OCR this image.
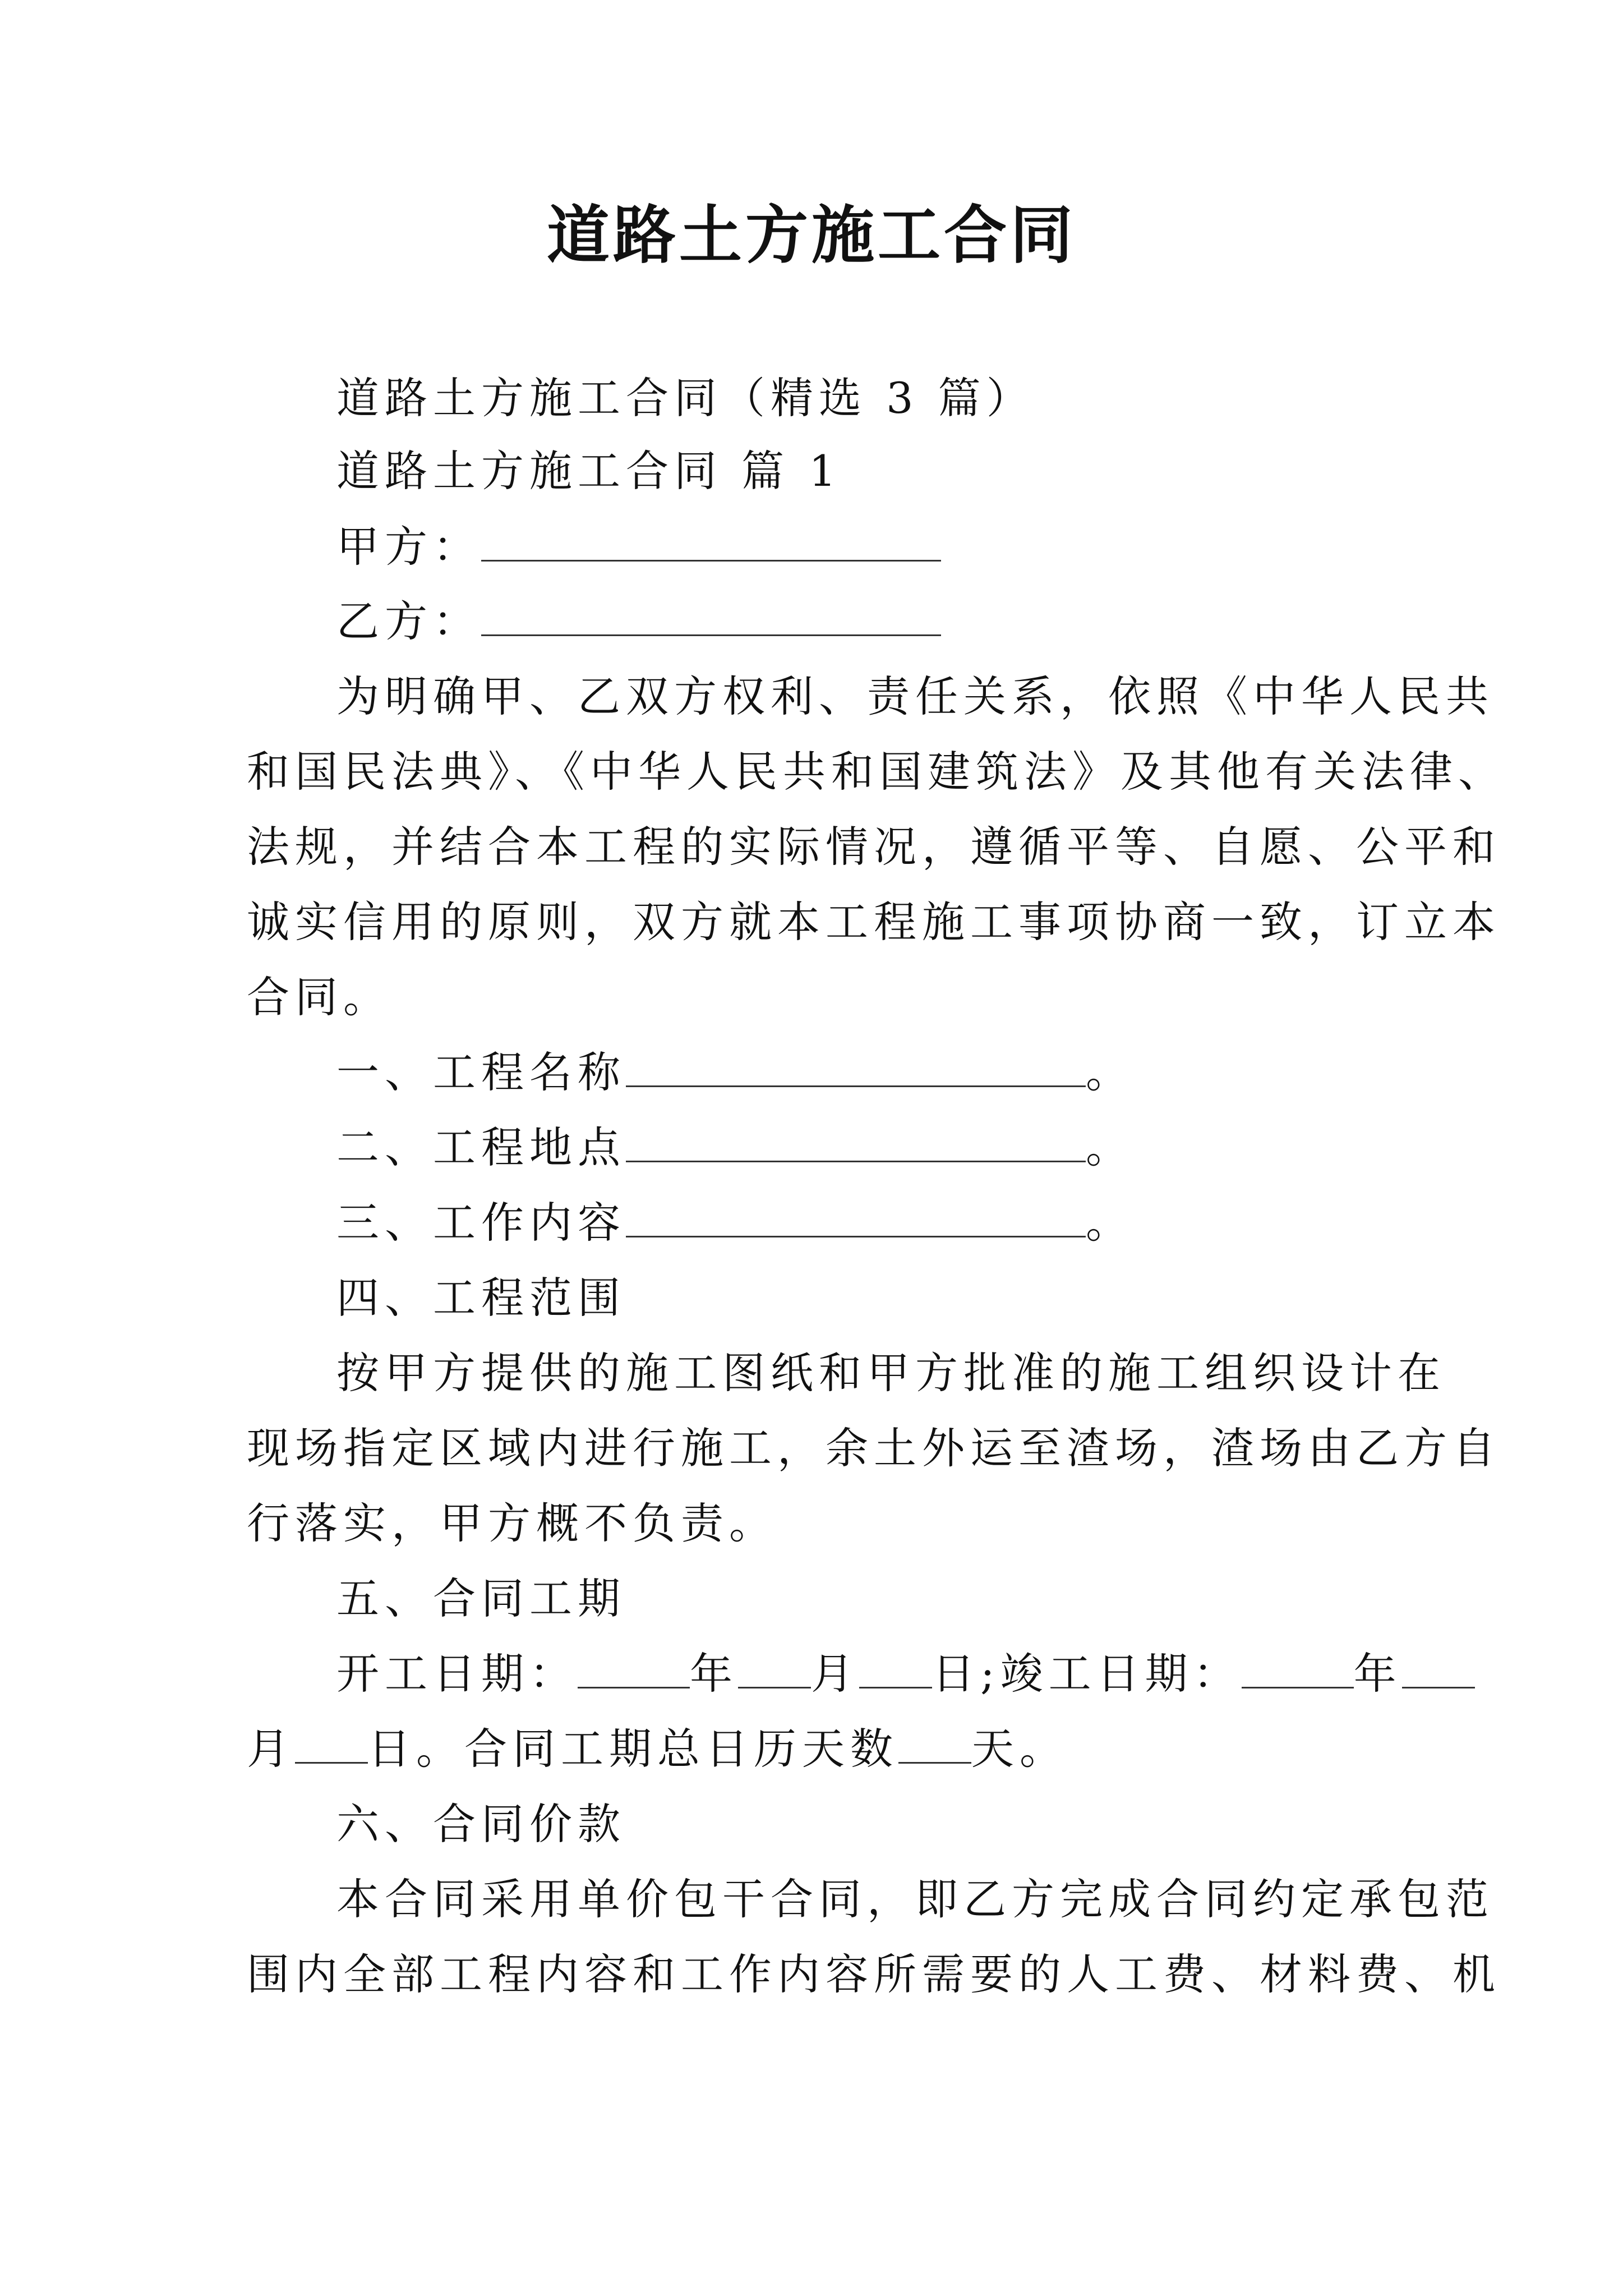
道路土方施工合同
道路土方施工合同（精选 3 篇）
道路土方施工合同 篇 1
甲方：
乙方：
为明确甲、乙双方权利、责任关系，依照《中华人民共
和国民法典》、《中华人民共和国建筑法》及其他有关法律、
法规，并结合本工程的实际情况，遵循平等、自愿、公平和
诚实信用的原则，双方就本工程施工事项协商一致，订立本
合同。
一、工程名称	。
二、工程地点	。
三、工作内容	。
四、工程范围
按甲方提供的施工图纸和甲方批准的施工组织设计在
现场指定区域内进行施工，余土外运至渣场，渣场由乙方自
行落实，甲方概不负责。
五、合同工期
开工日期：	年 月 日;竣工日期：	年
月 日。合同工期总日历天数 天。
六、合同价款
本合同采用单价包干合同，即乙方完成合同约定承包范
围内全部工程内容和工作内容所需要的人工费、材料费、机
